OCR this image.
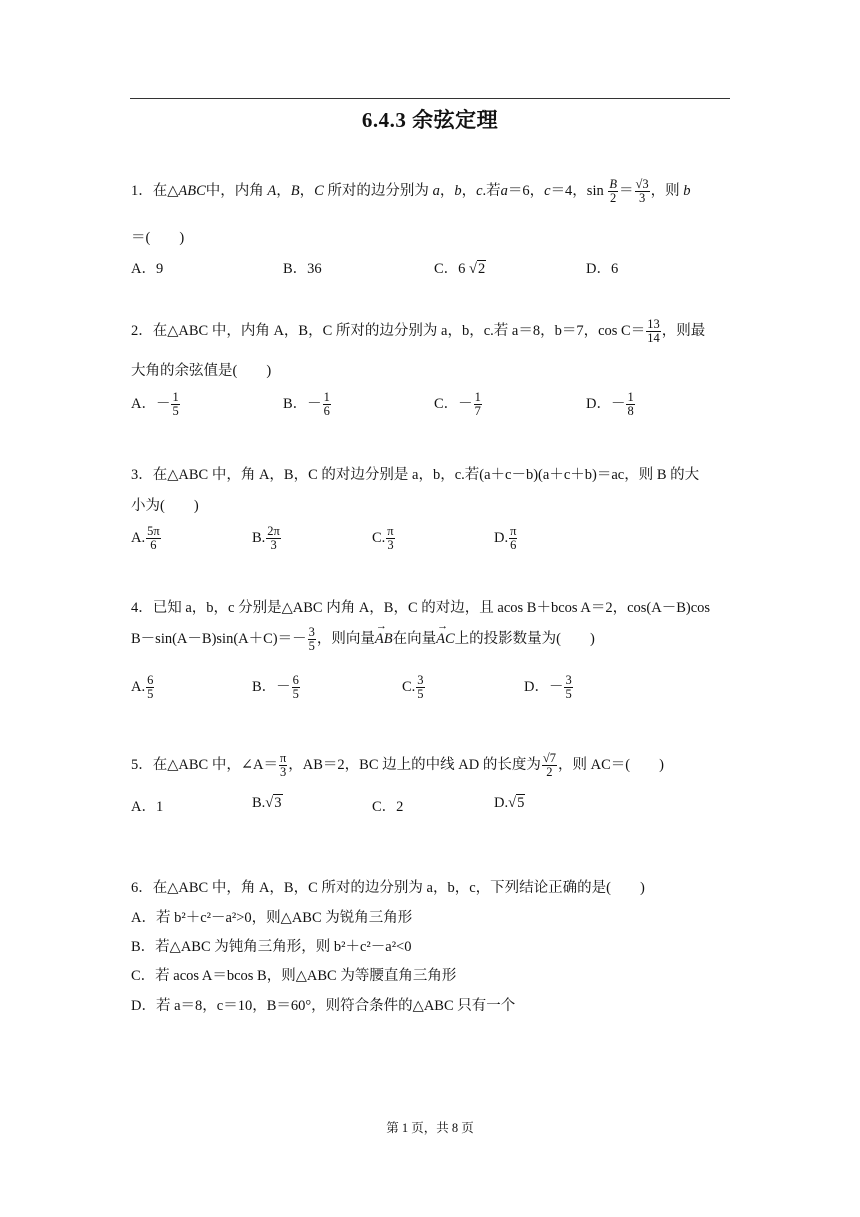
6.4.3 余弦定理
1．在△ABC中，内角 A，B，C 所对的边分别为 a，b，c.若a＝6，c＝4，$\sin \frac{B}{2} = \frac{√3}{3}$ ，则 b
＝(　　)
A．9	B．36	C．6 √2	D．6
2．在△ABC 中，内角 A，B，C 所对的边分别为 a，b，c.若 a＝8，b＝7，$\cos C= \frac{13}{14}$ ，则最
大角的余弦值是(　　)
A．－ $\frac{1}{5}$	B．－ $\frac{1}{6}$	C．－ $\frac{1}{7}$	D．－ $\frac{1}{8}$
3．在△ABC 中，角 A，B，C 的对边分别是 a，b，c.若(a＋c－b)(a＋c＋b)＝ac，则 B 的大
小为(　　)
A. $\frac{5\pi}{6}$	B. $\frac{2\pi}{3}$	C. $\frac{\pi}{3}$	D. $\frac{\pi}{6}$
4．已知 a，b，c 分别是△ABC 内角 A，B，C 的对边，且 acos B＋bcos A＝2，cos(A－B)cos
$B-\sin(A-B)\sin(A+C)=- \frac{3}{5}$ ，则向量→ AB在向量→ AC上的投影数量为(　　)
A. $\frac{6}{5}$	B．－ $\frac{6}{5}$	C. $\frac{3}{5}$	D．－ $\frac{3}{5}$
5．在△ABC 中，∠A＝ $\frac{\pi}{3}$ ，AB＝2，BC 边上的中线 AD 的长度为 $\frac{√7}{2}$ ，则 AC＝(　　)
A．1	B.√3	C．2	D.√5
6．在△ABC 中，角 A，B，C 所对的边分别为 a，b，c，下列结论正确的是(　　)
A．若 b²＋c²－a²>0，则△ABC 为锐角三角形
B．若△ABC 为钝角三角形，则 b²＋c²－a²<0
C．若 acos A＝bcos B，则△ABC 为等腰直角三角形
D．若 a＝8，c＝10，B＝60°，则符合条件的△ABC 只有一个
第 1 页，共 8 页
